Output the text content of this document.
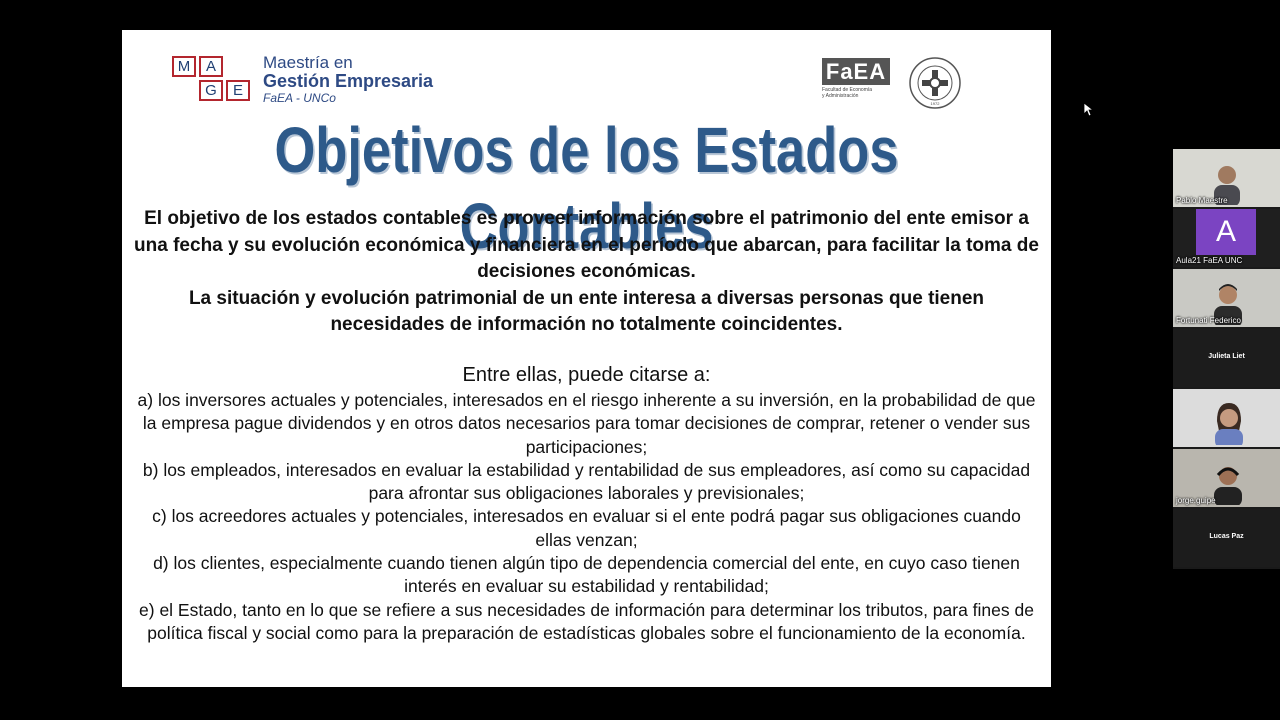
M	A
G	E
Maestría en
Gestión Empresaria
FaEA - UNCo
FaEA
Facultad de Economía
y Administración
1972
Objetivos de los Estados Contables

El objetivo de los estados contables es proveer información sobre el patrimonio del ente emisor a una fecha y su evolución económica y financiera en el período que abarcan, para facilitar la toma de decisiones económicas.

La situación y evolución patrimonial de un ente interesa a diversas personas que tienen necesidades de información no totalmente coincidentes.

Entre ellas, puede citarse a:

a) los inversores actuales y potenciales, interesados en el riesgo inherente a su inversión, en la probabilidad de que la empresa pague dividendos y en otros datos necesarios para tomar decisiones de comprar, retener o vender sus participaciones;

b) los empleados, interesados en evaluar la estabilidad y rentabilidad de sus empleadores, así como su capacidad para afrontar sus obligaciones laborales y previsionales;

c) los acreedores actuales y potenciales, interesados en evaluar si el ente podrá pagar sus obligaciones cuando ellas venzan;

d) los clientes, especialmente cuando tienen algún tipo de dependencia comercial del ente, en cuyo caso tienen interés en evaluar su estabilidad y rentabilidad;

e) el Estado, tanto en lo que se refiere a sus necesidades de información para determinar los tributos, para fines de política fiscal y social como para la preparación de estadísticas globales sobre el funcionamiento de la economía.

Pablo Maestre
A
Aula21 FaEA UNC
Fortunati Federico
Julieta Liet
jorge.guipe
Lucas Paz
